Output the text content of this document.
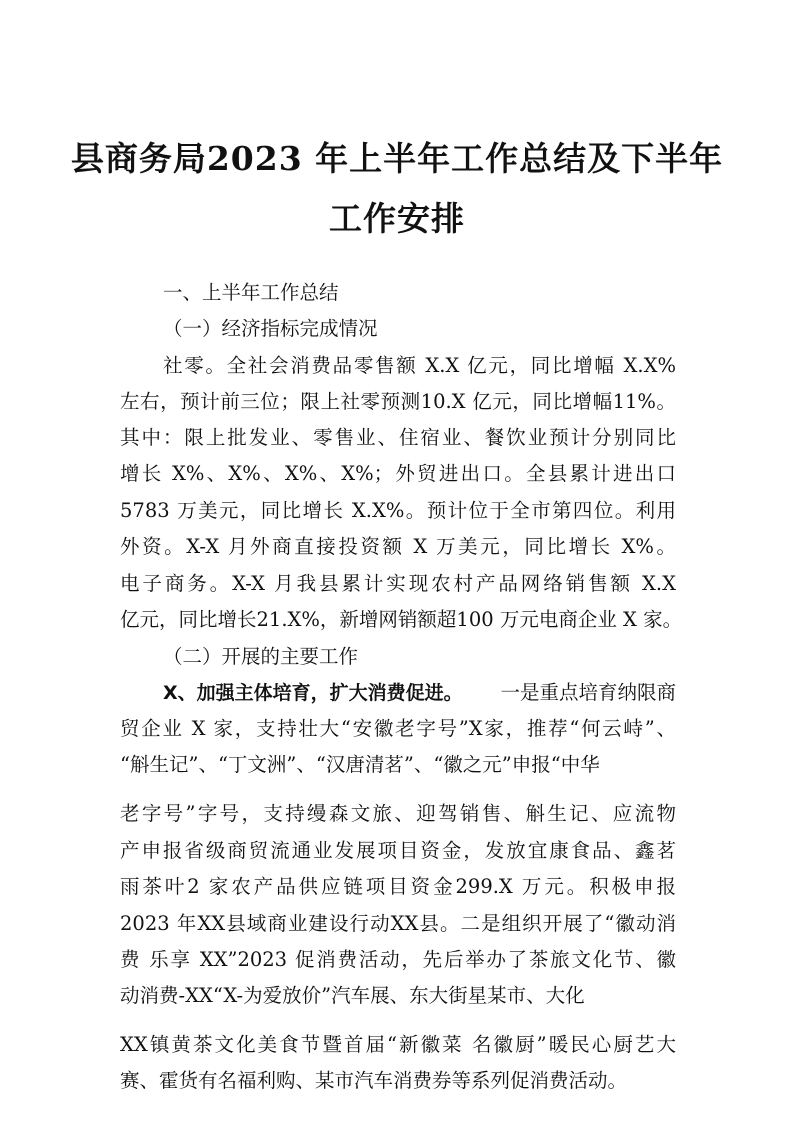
县商务局2023 年上半年工作总结及下半年
工作安排
一、上半年工作总结
（一）经济指标完成情况
社零。全社会消费品零售额 X.X 亿元，同比增幅 X.X%
左右，预计前三位；限上社零预测10.X 亿元，同比增幅11%。
其中：限上批发业、零售业、住宿业、餐饮业预计分别同比
增长 X%、X%、X%、X%；外贸进出口。全县累计进出口
5783 万美元，同比增长 X.X%。预计位于全市第四位。利用
外资。X-X 月外商直接投资额 X 万美元，同比增长 X%。
电子商务。X-X 月我县累计实现农村产品网络销售额 X.X
亿元，同比增长21.X%，新增网销额超100 万元电商企业 X 家。
（二）开展的主要工作
X、加强主体培育，扩大消费促进。 一是重点培育纳限商
贸企业 X 家，支持壮大“安徽老字号”X家，推荐“何云峙”、
“斛生记”、“丁文洲”、“汉唐清茗”、“徽之元”申报“中华
老字号”字号，支持缦森文旅、迎驾销售、斛生记、应流物
产申报省级商贸流通业发展项目资金，发放宜康食品、鑫茗
雨茶叶2 家农产品供应链项目资金299.X 万元。积极申报
2023 年XX县域商业建设行动XX县。二是组织开展了“徽动消
费 乐享 XX”2023 促消费活动，先后举办了茶旅文化节、徽
动消费-XX“X-为爱放价”汽车展、东大街星某市、大化
XX镇黄茶文化美食节暨首届“新徽菜 名徽厨”暖民心厨艺大
赛、霍货有名福利购、某市汽车消费券等系列促消费活动。
